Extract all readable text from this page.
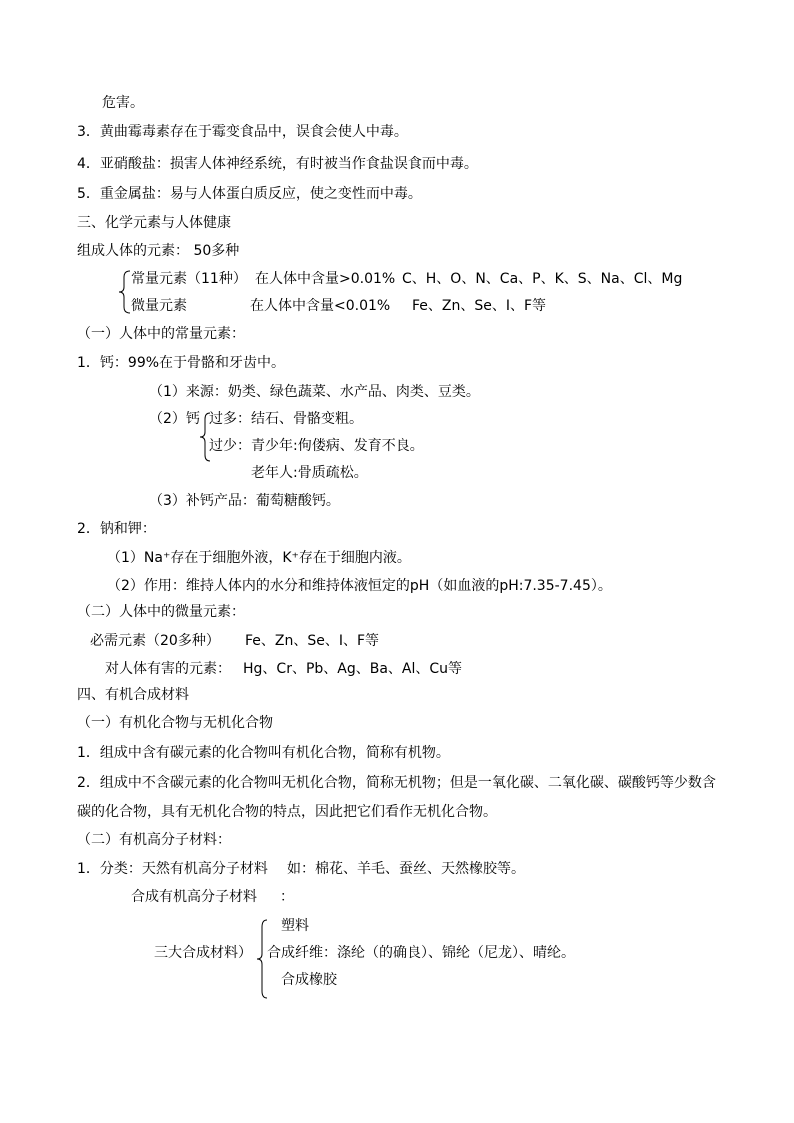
危害。
3．黄曲霉毒素存在于霉变食品中，误食会使人中毒。
4．亚硝酸盐：损害人体神经系统，有时被当作食盐误食而中毒。
5．重金属盐：易与人体蛋白质反应，使之变性而中毒。
三、化学元素与人体健康
组成人体的元素： 50多种
常量元素（11种） 在人体中含量>0.01% C、H、O、N、Ca、P、K、S、Na、Cl、Mg
微量元素	在人体中含量<0.01% Fe、Zn、Se、I、F等
（一）人体中的常量元素：
1．钙：99%在于骨骼和牙齿中。
（1）来源：奶类、绿色蔬菜、水产品、肉类、豆类。
（2）钙 过多：结石、骨骼变粗。
过少：青少年:佝偻病、发育不良。
老年人:骨质疏松。
（3）补钙产品：葡萄糖酸钙。
2．钠和钾：
（1）Na⁺存在于细胞外液，K⁺存在于细胞内液。
（2）作用：维持人体内的水分和维持体液恒定的pH（如血液的pH:7.35-7.45）。
（二）人体中的微量元素：
必需元素（20多种） Fe、Zn、Se、I、F等
对人体有害的元素： Hg、Cr、Pb、Ag、Ba、Al、Cu等
四、有机合成材料
（一）有机化合物与无机化合物
1．组成中含有碳元素的化合物叫有机化合物，简称有机物。
2．组成中不含碳元素的化合物叫无机化合物，简称无机物；但是一氧化碳、二氧化碳、碳酸钙等少数含
碳的化合物，具有无机化合物的特点，因此把它们看作无机化合物。
（二）有机高分子材料：
1．分类：天然有机高分子材料 如：棉花、羊毛、蚕丝、天然橡胶等。
合成有机高分子材料 ：
塑料
三大合成材料） 合成纤维：涤纶（的确良）、锦纶（尼龙）、晴纶。
合成橡胶
